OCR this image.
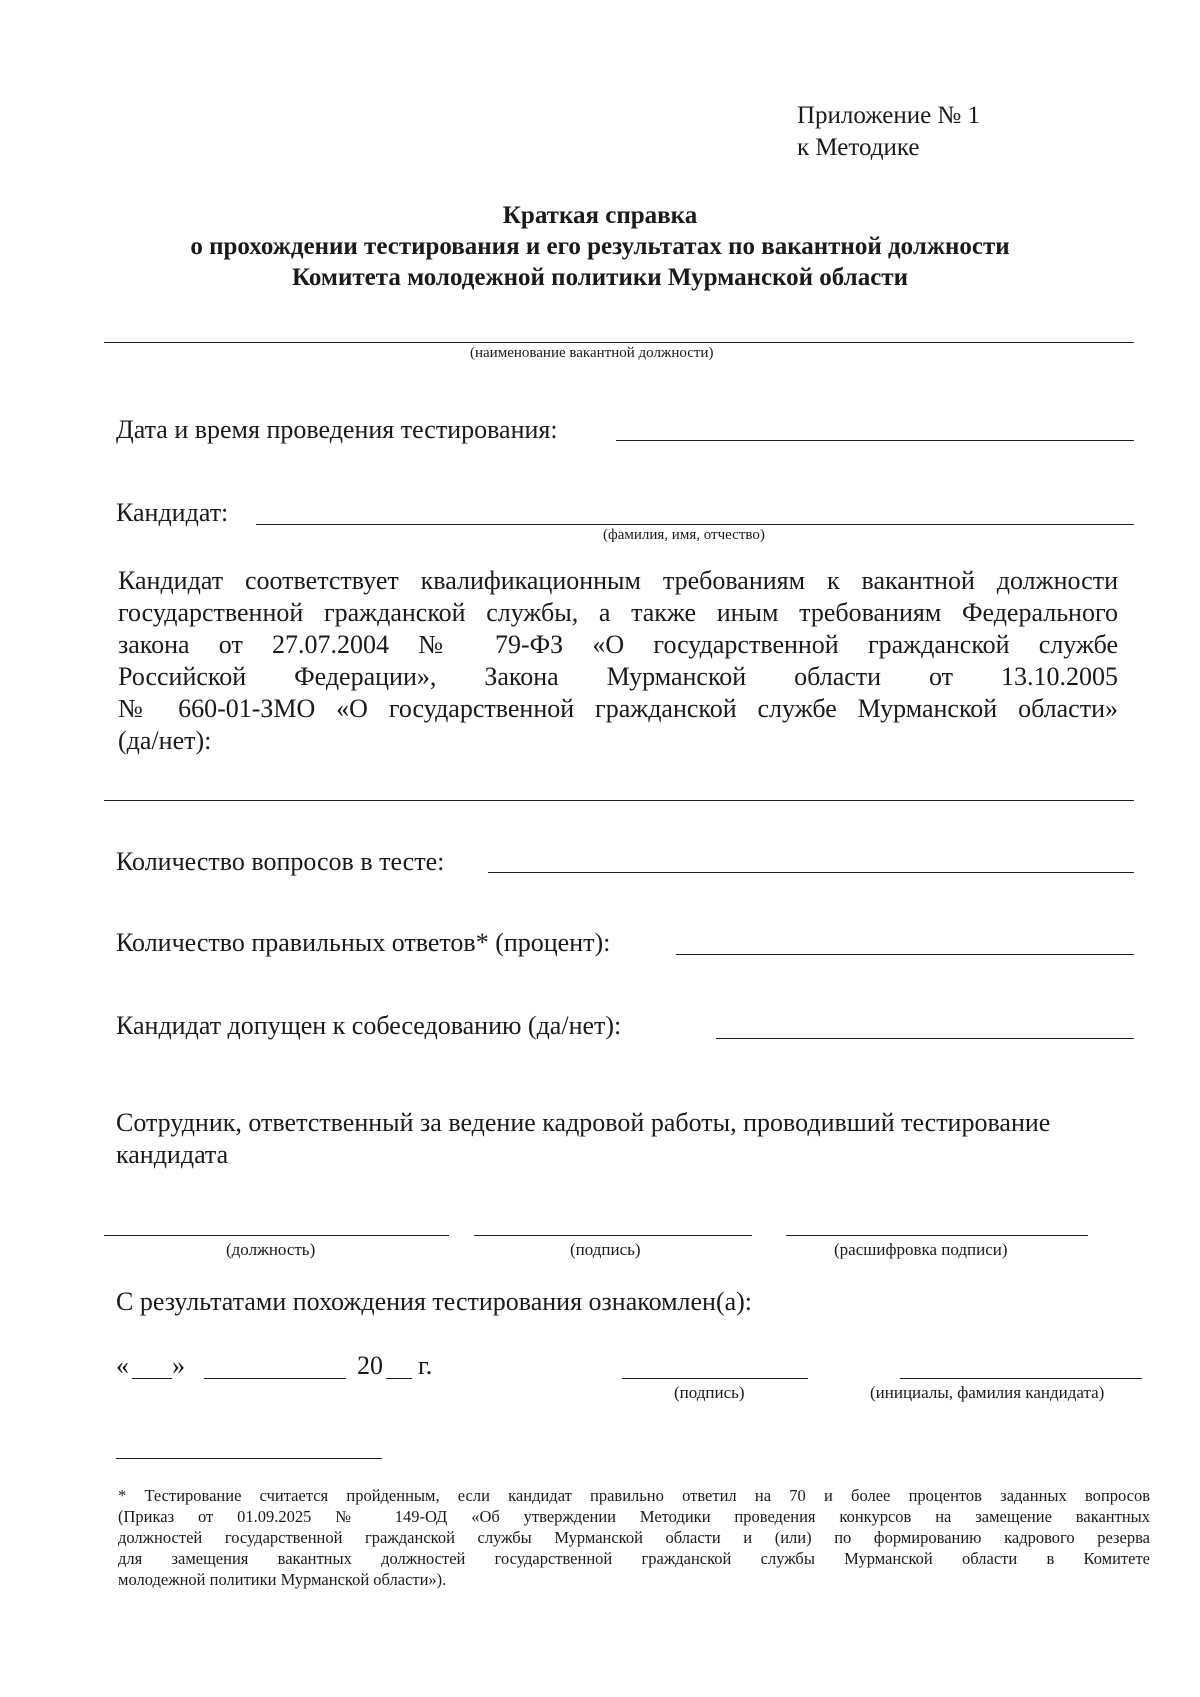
Приложение № 1
к Методике
Краткая справка
о прохождении тестирования и его результатах по вакантной должности
Комитета молодежной политики Мурманской области
(наименование вакантной должности)
Дата и время проведения тестирования:
Кандидат:
(фамилия, имя, отчество)
Кандидат соответствует квалификационным требованиям к вакантной должности
государственной гражданской службы, а также иным требованиям Федерального
закона от 27.07.2004 № 79-ФЗ «О государственной гражданской службе
Российской Федерации», Закона Мурманской области от 13.10.2005
№ 660-01-ЗМО «О государственной гражданской службе Мурманской области»
(да/нет):
Количество вопросов в тесте:
Количество правильных ответов* (процент):
Кандидат допущен к собеседованию (да/нет):
Сотрудник, ответственный за ведение кадровой работы, проводивший тестирование
кандидата
(должность)	(подпись)	(расшифровка подписи)
С результатами похождения тестирования ознакомлен(а):
« »	20 г.
(подпись)	(инициалы, фамилия кандидата)
* Тестирование считается пройденным, если кандидат правильно ответил на 70 и более процентов заданных вопросов
(Приказ от 01.09.2025 № 149-ОД «Об утверждении Методики проведения конкурсов на замещение вакантных
должностей государственной гражданской службы Мурманской области и (или) по формированию кадрового резерва
для замещения вакантных должностей государственной гражданской службы Мурманской области в Комитете
молодежной политики Мурманской области»).
